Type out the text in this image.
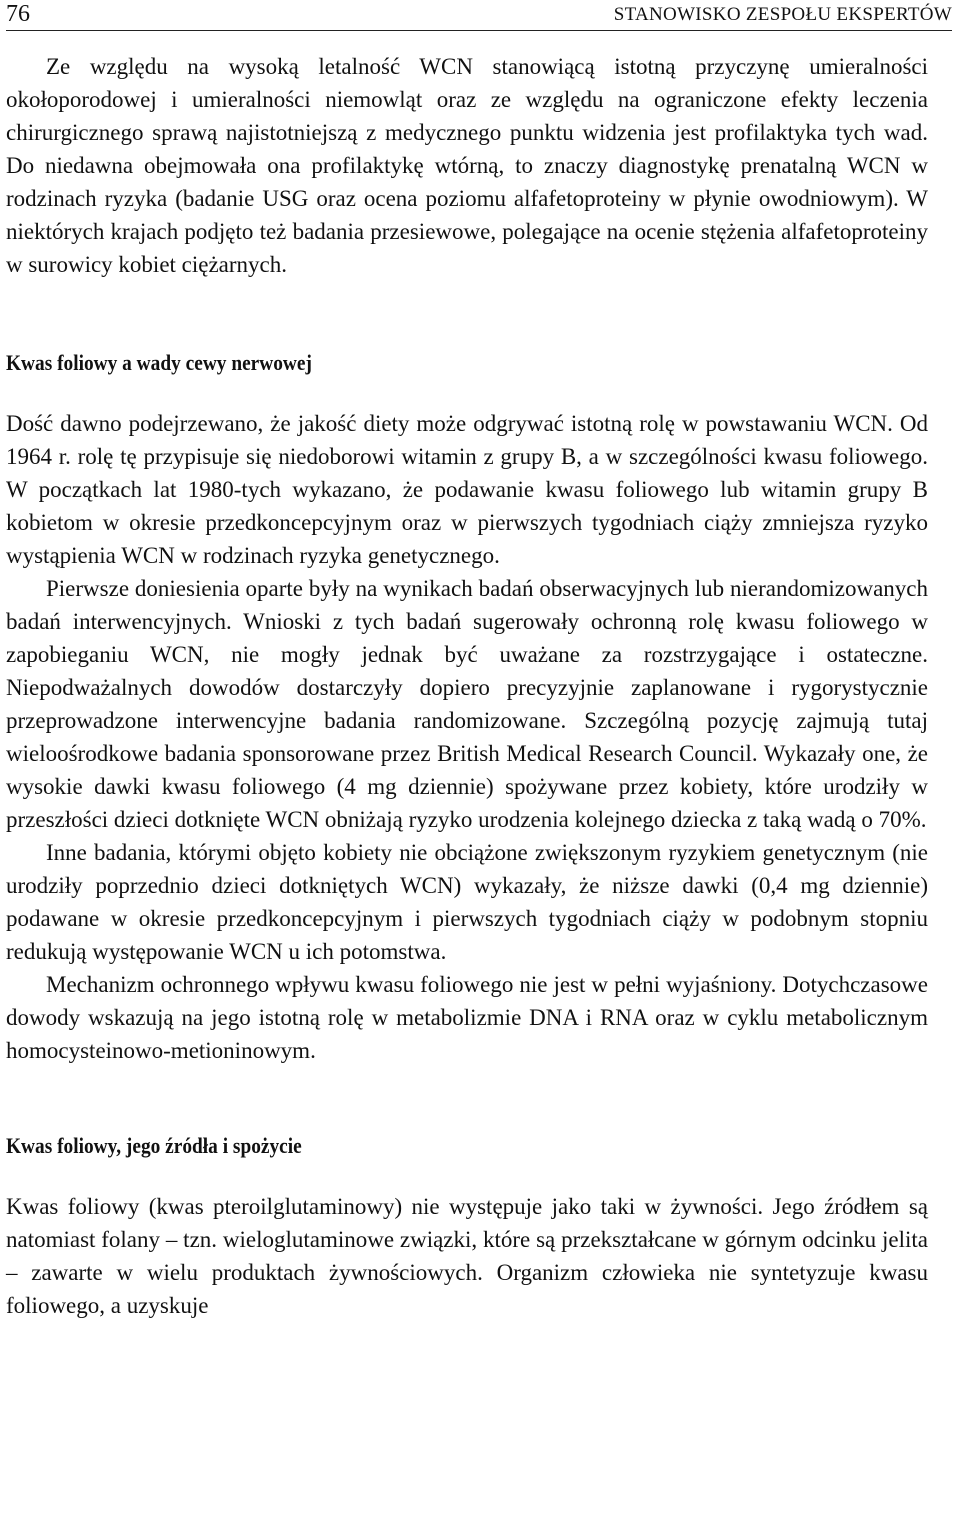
76	STANOWISKO ZESPOŁU EKSPERTÓW

Ze względu na wysoką letalność WCN stanowiącą istotną przyczynę umieralności okołoporodowej i umieralności niemowląt oraz ze względu na ograniczone efekty leczenia chirurgicznego sprawą najistotniejszą z medycznego punktu widzenia jest profilaktyka tych wad. Do niedawna obejmowała ona profilaktykę wtórną, to znaczy diagnostykę prenatalną WCN w rodzinach ryzyka (badanie USG oraz ocena poziomu alfafetoproteiny w płynie owodniowym). W niektórych krajach podjęto też badania przesiewowe, polegające na ocenie stężenia alfafetoproteiny w surowicy kobiet ciężarnych.

Kwas foliowy a wady cewy nerwowej

Dość dawno podejrzewano, że jakość diety może odgrywać istotną rolę w powstawaniu WCN. Od 1964 r. rolę tę przypisuje się niedoborowi witamin z grupy B, a w szczególności kwasu foliowego. W początkach lat 1980-tych wykazano, że podawanie kwasu foliowego lub witamin grupy B kobietom w okresie przedkoncepcyjnym oraz w pierwszych tygodniach ciąży zmniejsza ryzyko wystąpienia WCN w rodzinach ryzyka genetycznego.

Pierwsze doniesienia oparte były na wynikach badań obserwacyjnych lub nierandomizowanych badań interwencyjnych. Wnioski z tych badań sugerowały ochronną rolę kwasu foliowego w zapobieganiu WCN, nie mogły jednak być uważane za rozstrzygające i ostateczne. Niepodważalnych dowodów dostarczyły dopiero precyzyjnie zaplanowane i rygorystycznie przeprowadzone interwencyjne badania randomizowane. Szczególną pozycję zajmują tutaj wieloośrodkowe badania sponsorowane przez British Medical Research Council. Wykazały one, że wysokie dawki kwasu foliowego (4 mg dziennie) spożywane przez kobiety, które urodziły w przeszłości dzieci dotknięte WCN obniżają ryzyko urodzenia kolejnego dziecka z taką wadą o 70%.

Inne badania, którymi objęto kobiety nie obciążone zwiększonym ryzykiem genetycznym (nie urodziły poprzednio dzieci dotkniętych WCN) wykazały, że niższe dawki (0,4 mg dziennie) podawane w okresie przedkoncepcyjnym i pierwszych tygodniach ciąży w podobnym stopniu redukują występowanie WCN u ich potomstwa.

Mechanizm ochronnego wpływu kwasu foliowego nie jest w pełni wyjaśniony. Dotychczasowe dowody wskazują na jego istotną rolę w metabolizmie DNA i RNA oraz w cyklu metabolicznym homocysteinowo-metioninowym.

Kwas foliowy, jego źródła i spożycie

Kwas foliowy (kwas pteroilglutaminowy) nie występuje jako taki w żywności. Jego źródłem są natomiast folany – tzn. wieloglutaminowe związki, które są przekształcane w górnym odcinku jelita – zawarte w wielu produktach żywnościowych. Organizm człowieka nie syntetyzuje kwasu foliowego, a uzyskuje
